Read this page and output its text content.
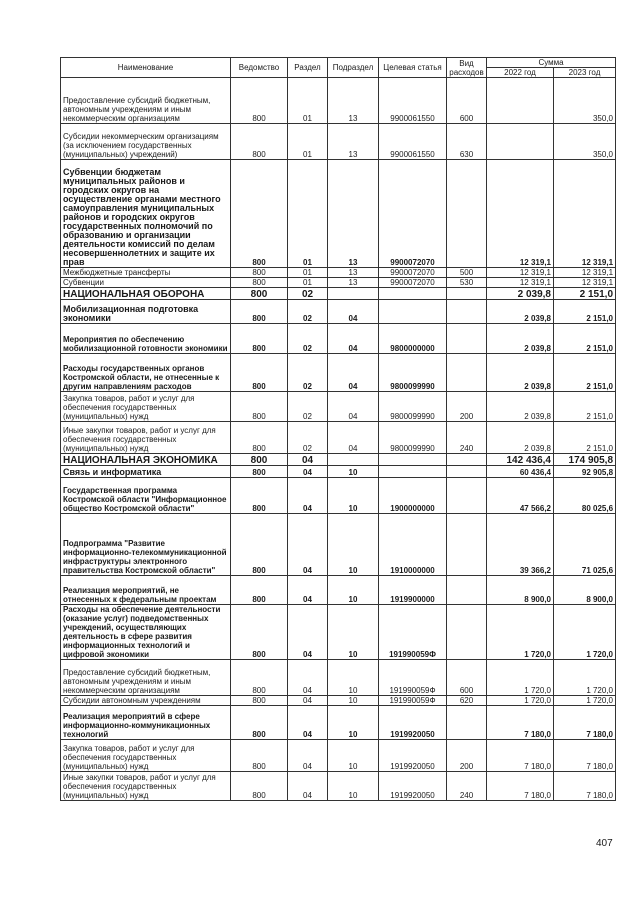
Наименование	Ведомство	Раздел	Подраздел	Целевая статья	Вид расходов	Сумма	
						2022 год	2023 год
Предоставление субсидий бюджетным, автономным учреждениям и иным некоммерческим организациям	800	01	13	9900061550	600		350,0
Субсидии некоммерческим организациям (за исключением государственных (муниципальных) учреждений)	800	01	13	9900061550	630		350,0
Субвенции бюджетам муниципальных районов и городских округов на осуществление органами местного самоуправления муниципальных районов и городских округов государственных полномочий по образованию и организации деятельности комиссий по делам несовершеннолетних и защите их прав	800	01	13	9900072070		12 319,1	12 319,1
Межбюджетные трансферты	800	01	13	9900072070	500	12 319,1	12 319,1
Субвенции	800	01	13	9900072070	530	12 319,1	12 319,1
НАЦИОНАЛЬНАЯ ОБОРОНА	800	02				2 039,8	2 151,0
Мобилизационная подготовка экономики	800	02	04			2 039,8	2 151,0
Мероприятия по обеспечению мобилизационной готовности экономики	800	02	04	9800000000		2 039,8	2 151,0
Расходы государственных органов Костромской области, не отнесенные к другим направлениям расходов	800	02	04	9800099990		2 039,8	2 151,0
Закупка товаров, работ и услуг для обеспечения государственных (муниципальных) нужд	800	02	04	9800099990	200	2 039,8	2 151,0
Иные закупки товаров, работ и услуг для обеспечения государственных (муниципальных) нужд	800	02	04	9800099990	240	2 039,8	2 151,0
НАЦИОНАЛЬНАЯ ЭКОНОМИКА	800	04				142 436,4	174 905,8
Связь и информатика	800	04	10			60 436,4	92 905,8
Государственная программа Костромской области "Информационное общество Костромской области"	800	04	10	1900000000		47 566,2	80 025,6
Подпрограмма "Развитие информационно-телекоммуникационной инфраструктуры электронного правительства Костромской области"	800	04	10	1910000000		39 366,2	71 025,6
Реализация мероприятий, не отнесенных к федеральным проектам	800	04	10	1919900000		8 900,0	8 900,0
Расходы на обеспечение деятельности (оказание услуг) подведомственных учреждений, осуществляющих деятельность в сфере развития информационных технологий и цифровой экономики	800	04	10	191990059Ф		1 720,0	1 720,0
Предоставление субсидий бюджетным, автономным учреждениям и иным некоммерческим организациям	800	04	10	191990059Ф	600	1 720,0	1 720,0
Субсидии автономным учреждениям	800	04	10	191990059Ф	620	1 720,0	1 720,0
Реализация мероприятий в сфере информационно-коммуникационных технологий	800	04	10	1919920050		7 180,0	7 180,0
Закупка товаров, работ и услуг для обеспечения государственных (муниципальных) нужд	800	04	10	1919920050	200	7 180,0	7 180,0
Иные закупки товаров, работ и услуг для обеспечения государственных (муниципальных) нужд	800	04	10	1919920050	240	7 180,0	7 180,0
407
